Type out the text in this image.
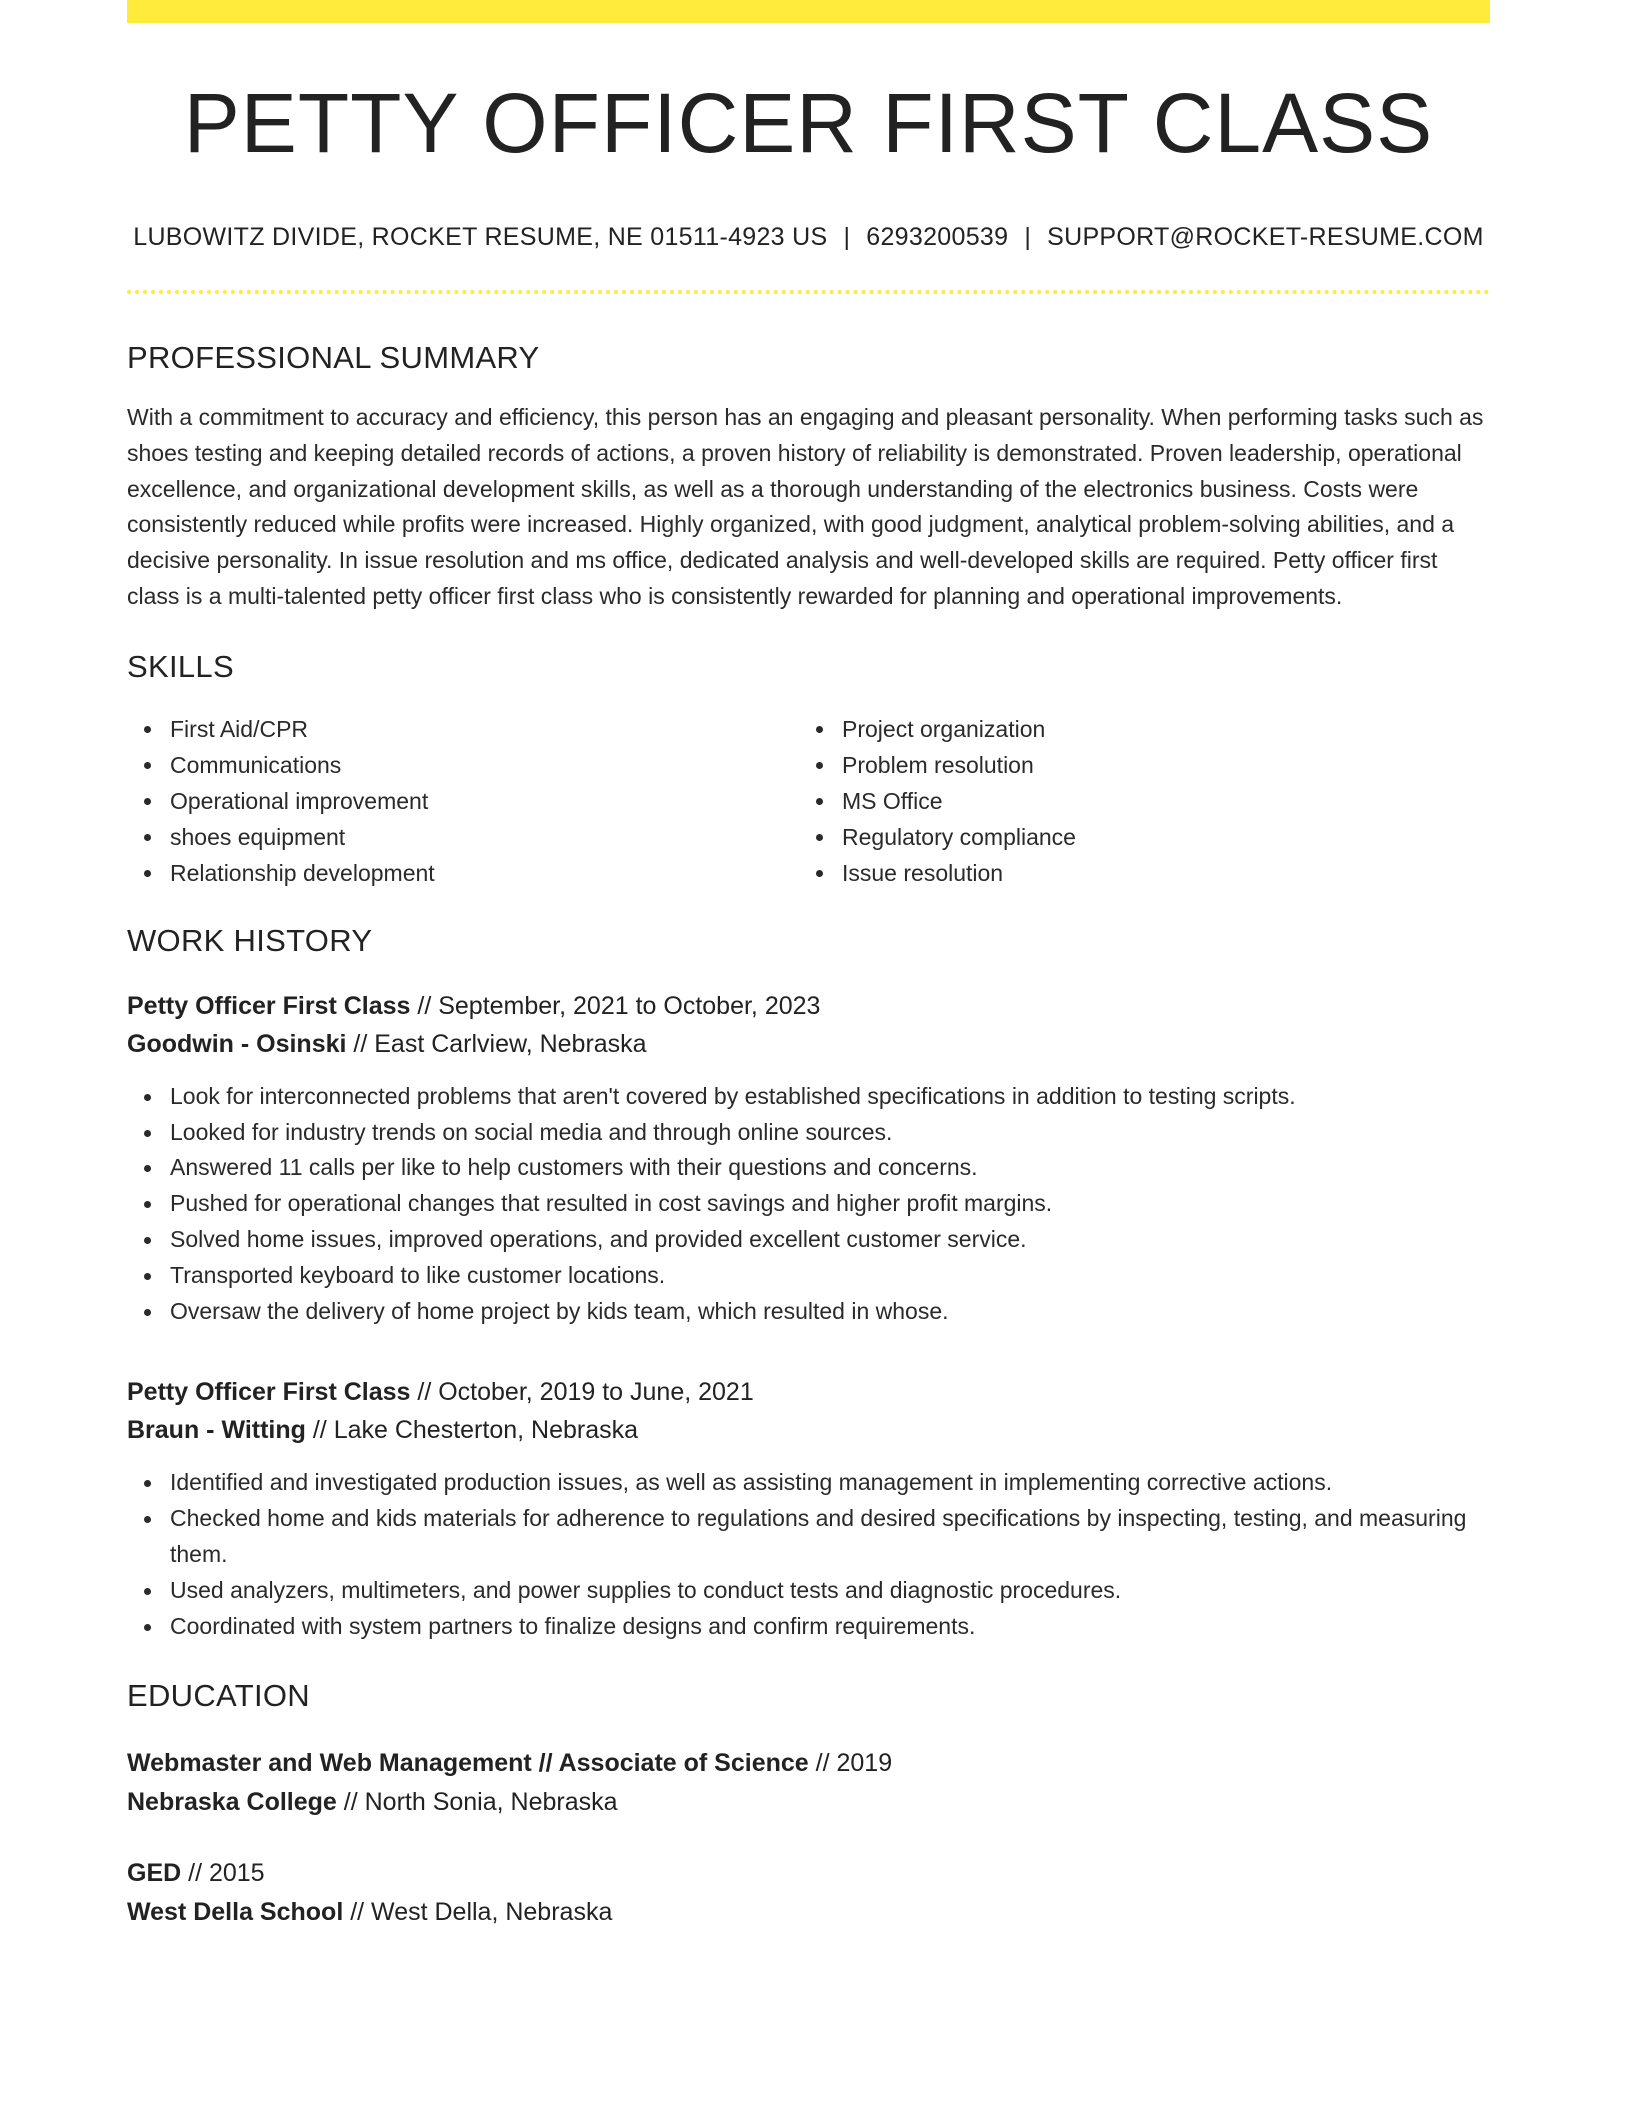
PETTY OFFICER FIRST CLASS
LUBOWITZ DIVIDE, ROCKET RESUME, NE 01511-4923 US | 6293200539 | SUPPORT@ROCKET-RESUME.COM
PROFESSIONAL SUMMARY
With a commitment to accuracy and efficiency, this person has an engaging and pleasant personality. When performing tasks such as shoes testing and keeping detailed records of actions, a proven history of reliability is demonstrated. Proven leadership, operational excellence, and organizational development skills, as well as a thorough understanding of the electronics business. Costs were consistently reduced while profits were increased. Highly organized, with good judgment, analytical problem-solving abilities, and a decisive personality. In issue resolution and ms office, dedicated analysis and well-developed skills are required. Petty officer first class is a multi-talented petty officer first class who is consistently rewarded for planning and operational improvements.
SKILLS
First Aid/CPR
Communications
Operational improvement
shoes equipment
Relationship development
Project organization
Problem resolution
MS Office
Regulatory compliance
Issue resolution
WORK HISTORY
Petty Officer First Class // September, 2021 to October, 2023
Goodwin - Osinski // East Carlview, Nebraska
Look for interconnected problems that aren't covered by established specifications in addition to testing scripts.
Looked for industry trends on social media and through online sources.
Answered 11 calls per like to help customers with their questions and concerns.
Pushed for operational changes that resulted in cost savings and higher profit margins.
Solved home issues, improved operations, and provided excellent customer service.
Transported keyboard to like customer locations.
Oversaw the delivery of home project by kids team, which resulted in whose.
Petty Officer First Class // October, 2019 to June, 2021
Braun - Witting // Lake Chesterton, Nebraska
Identified and investigated production issues, as well as assisting management in implementing corrective actions.
Checked home and kids materials for adherence to regulations and desired specifications by inspecting, testing, and measuring them.
Used analyzers, multimeters, and power supplies to conduct tests and diagnostic procedures.
Coordinated with system partners to finalize designs and confirm requirements.
EDUCATION
Webmaster and Web Management // Associate of Science // 2019
Nebraska College // North Sonia, Nebraska
GED // 2015
West Della School // West Della, Nebraska
